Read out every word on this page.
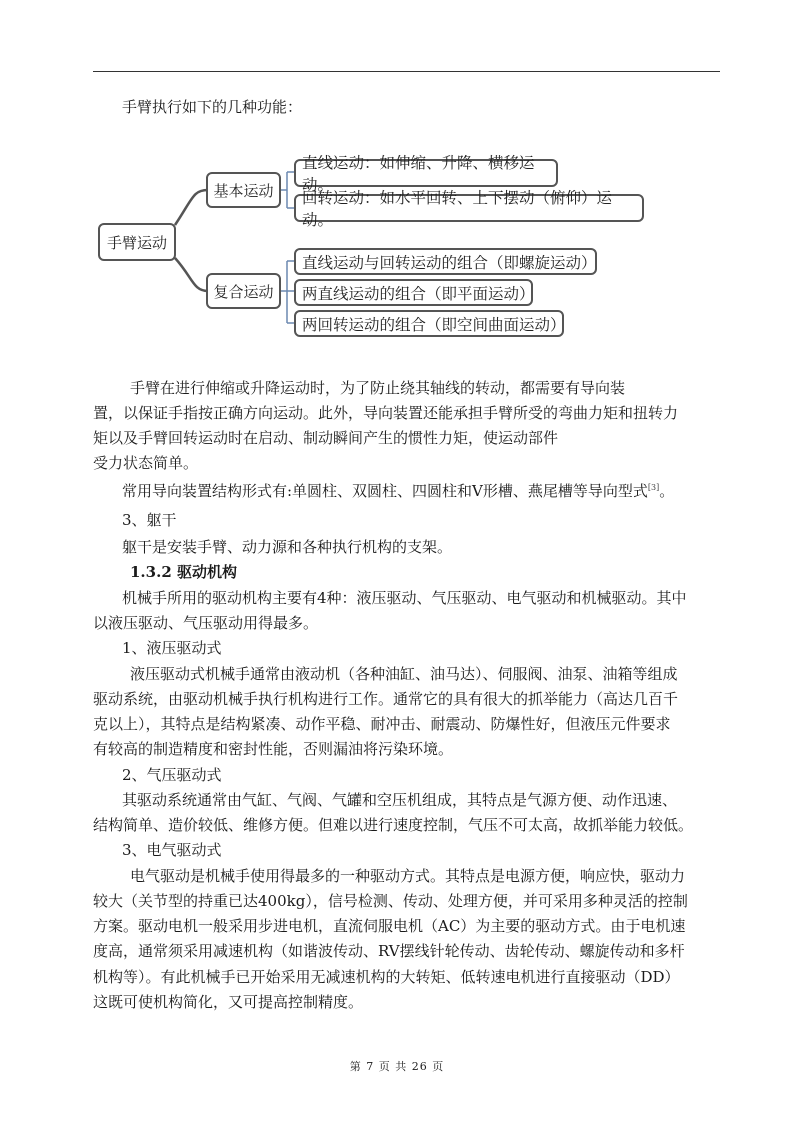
手臂执行如下的几种功能：

手臂运动
基本运动
复合运动
直线运动：如伸缩、升降、横移运动。
回转运动：如水平回转、上下摆动（俯仰）运动。
直线运动与回转运动的组合（即螺旋运动）
两直线运动的组合（即平面运动）
两回转运动的组合（即空间曲面运动）

手臂在进行伸缩或升降运动时，为了防止绕其轴线的转动，都需要有导向装

置，以保证手指按正确方向运动。此外，导向装置还能承担手臂所受的弯曲力矩和扭转力

矩以及手臂回转运动时在启动、制动瞬间产生的惯性力矩，使运动部件

受力状态简单。

常用导向装置结构形式有:单圆柱、双圆柱、四圆柱和V形槽、燕尾槽等导向型式[3]。

3、躯干

躯干是安装手臂、动力源和各种执行机构的支架。

1.3.2 驱动机构

机械手所用的驱动机构主要有4种：液压驱动、气压驱动、电气驱动和机械驱动。其中

以液压驱动、气压驱动用得最多。

1、液压驱动式

液压驱动式机械手通常由液动机（各种油缸、油马达）、伺服阀、油泵、油箱等组成

驱动系统，由驱动机械手执行机构进行工作。通常它的具有很大的抓举能力（高达几百千

克以上），其特点是结构紧凑、动作平稳、耐冲击、耐震动、防爆性好，但液压元件要求

有较高的制造精度和密封性能，否则漏油将污染环境。

2、气压驱动式

其驱动系统通常由气缸、气阀、气罐和空压机组成，其特点是气源方便、动作迅速、

结构简单、造价较低、维修方便。但难以进行速度控制，气压不可太高，故抓举能力较低。

3、电气驱动式

电气驱动是机械手使用得最多的一种驱动方式。其特点是电源方便，响应快，驱动力

较大（关节型的持重已达400kg），信号检测、传动、处理方便，并可采用多种灵活的控制

方案。驱动电机一般采用步进电机，直流伺服电机（AC）为主要的驱动方式。由于电机速

度高，通常须采用减速机构（如谐波传动、RV摆线针轮传动、齿轮传动、螺旋传动和多杆

机构等）。有此机械手已开始采用无减速机构的大转矩、低转速电机进行直接驱动（DD）

这既可使机构简化，又可提高控制精度。

第 7 页 共 26 页
